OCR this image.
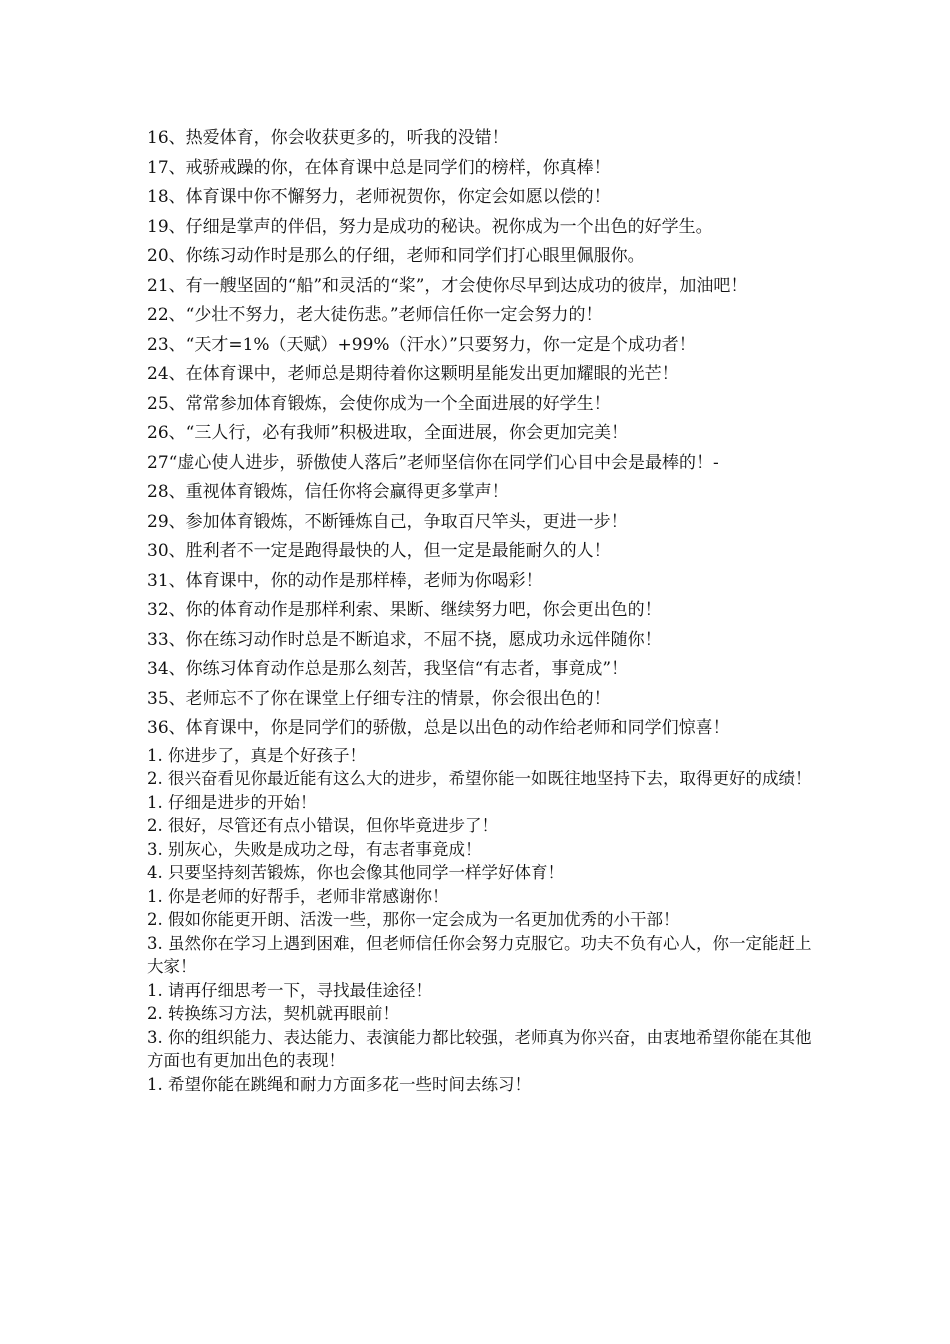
16、热爱体育，你会收获更多的，听我的没错！
17、戒骄戒躁的你，在体育课中总是同学们的榜样，你真棒！
18、体育课中你不懈努力，老师祝贺你，你定会如愿以偿的！
19、仔细是掌声的伴侣，努力是成功的秘诀。祝你成为一个出色的好学生。
20、你练习动作时是那么的仔细，老师和同学们打心眼里佩服你。
21、有一艘坚固的“船”和灵活的“桨”，才会使你尽早到达成功的彼岸，加油吧！
22、“少壮不努力，老大徒伤悲。”老师信任你一定会努力的！
23、“天才=1%（天赋）+99%（汗水）”只要努力，你一定是个成功者！
24、在体育课中，老师总是期待着你这颗明星能发出更加耀眼的光芒！
25、常常参加体育锻炼，会使你成为一个全面进展的好学生！
26、“三人行，必有我师”积极进取，全面进展，你会更加完美！
27“虚心使人进步，骄傲使人落后”老师坚信你在同学们心目中会是最棒的！-
28、重视体育锻炼，信任你将会赢得更多掌声！
29、参加体育锻炼，不断锤炼自己，争取百尺竿头，更进一步！
30、胜利者不一定是跑得最快的人，但一定是最能耐久的人！
31、体育课中，你的动作是那样棒，老师为你喝彩！
32、你的体育动作是那样利索、果断、继续努力吧，你会更出色的！
33、你在练习动作时总是不断追求，不屈不挠，愿成功永远伴随你！
34、你练习体育动作总是那么刻苦，我坚信“有志者，事竟成”！
35、老师忘不了你在课堂上仔细专注的情景，你会很出色的！
36、体育课中，你是同学们的骄傲，总是以出色的动作给老师和同学们惊喜！
1. 你进步了，真是个好孩子！
2. 很兴奋看见你最近能有这么大的进步，希望你能一如既往地坚持下去，取得更好的成绩！
1. 仔细是进步的开始！
2. 很好，尽管还有点小错误，但你毕竟进步了！
3. 别灰心，失败是成功之母，有志者事竟成！
4. 只要坚持刻苦锻炼，你也会像其他同学一样学好体育！
1. 你是老师的好帮手，老师非常感谢你！
2. 假如你能更开朗、活泼一些，那你一定会成为一名更加优秀的小干部！
3. 虽然你在学习上遇到困难，但老师信任你会努力克服它。功夫不负有心人，你一定能赶上大家！
1. 请再仔细思考一下，寻找最佳途径！
2. 转换练习方法，契机就再眼前！
3. 你的组织能力、表达能力、表演能力都比较强，老师真为你兴奋，由衷地希望你能在其他方面也有更加出色的表现！
1. 希望你能在跳绳和耐力方面多花一些时间去练习！
